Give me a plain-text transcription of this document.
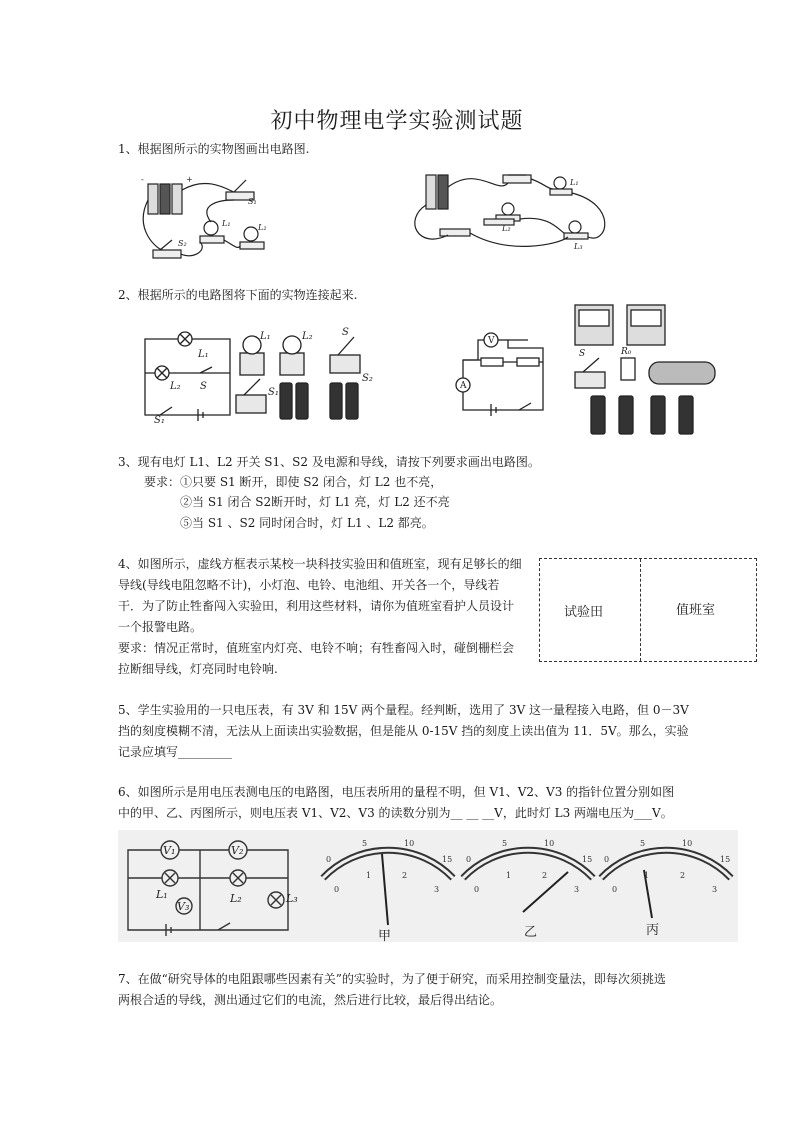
初中物理电学实验测试题
1、根据图所示的实物图画出电路图.
-	+
S₁
L₁	L₂
S₂
L₁
L₂
L₃
2、根据所示的电路图将下面的实物连接起来.
L₁
L₂ S
S₁
L₁	L₂	S
S₁
S₂
V
A
S	R₀
3、现有电灯 L1、L2 开关 S1、S2 及电源和导线，请按下列要求画出电路图。
要求：①只要 S1 断开，即使 S2 闭合，灯 L2 也不亮，
②当 S1 闭合 S2断开时，灯 L1 亮，灯 L2 还不亮
⑤当 S1 、S2 同时闭合时，灯 L1 、L2 都亮。
4、如图所示，虚线方框表示某校一块科技实验田和值班室，现有足够长的细
导线(导线电阻忽略不计)，小灯泡、电铃、电池组、开关各一个，导线若
干．为了防止牲畜闯入实验田，利用这些材料，请你为值班室看护人员设计
一个报警电路。
要求：情况正常时，值班室内灯亮、电铃不响；有牲畜闯入时，碰倒栅栏会
拉断细导线，灯亮同时电铃响.
试验田	值班室
5、学生实验用的一只电压表，有 3V 和 15V 两个量程。经判断，选用了 3V 这一量程接入电路，但 0－3V
挡的刻度模糊不清，无法从上面读出实验数据，但是能从 0-15V 挡的刻度上读出值为 11．5V。那么，实验
记录应填写_________
6、如图所示是用电压表测电压的电路图，电压表所用的量程不明，但 V1、V2、V3 的指针位置分别如图
中的甲、乙、丙图所示，则电压表 V1、V2、V3 的读数分别为__ __ __V，此时灯 L3 两端电压为___V。
V₁	V₂
V₃
L₁	L₂	L₃
甲
0
5	10
15
0
1	2
3
乙
0
5	10
15
0
1	2
3
丙
0
5	10
15
0
1	2
3
7、在做“研究导体的电阻跟哪些因素有关”的实验时，为了便于研究，而采用控制变量法，即每次须挑选
两根合适的导线，测出通过它们的电流，然后进行比较，最后得出结论。
